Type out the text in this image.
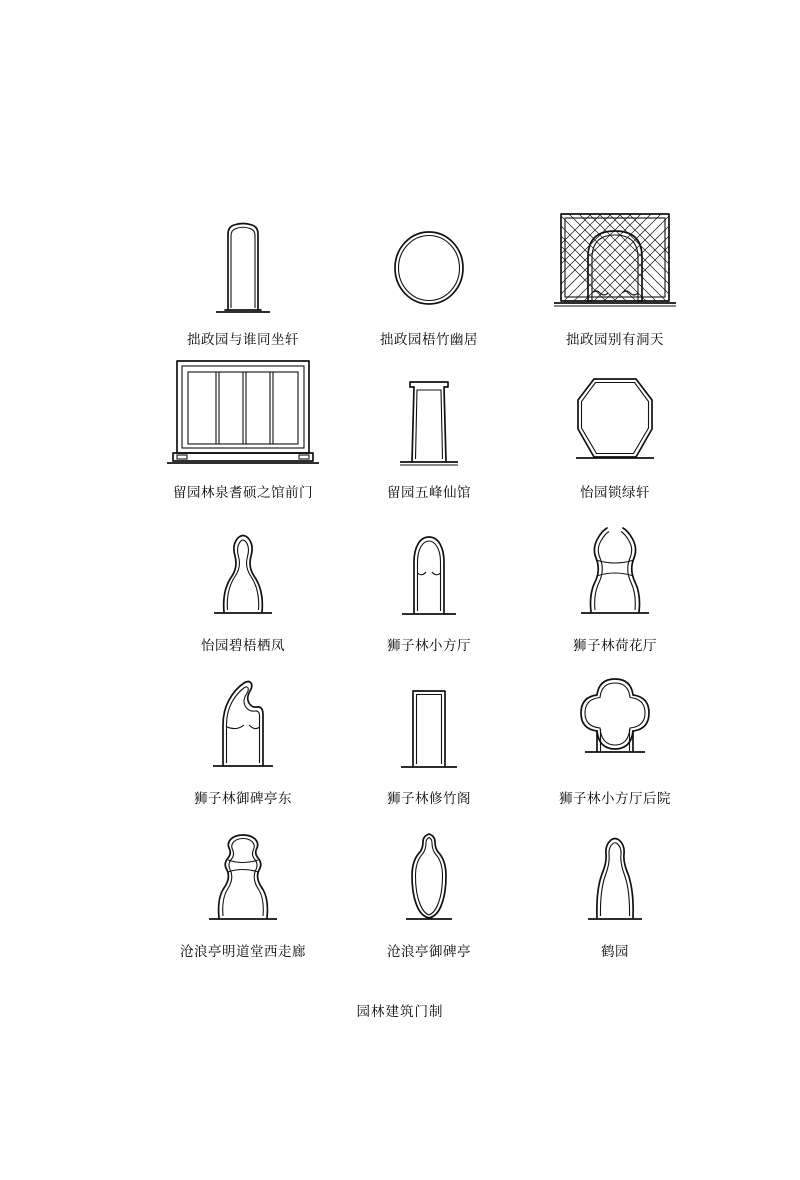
拙政园与谁同坐轩	拙政园梧竹幽居	拙政园别有洞天
留园林泉耆硕之馆前门	留园五峰仙馆	怡园锁绿轩
怡园碧梧栖凤	狮子林小方厅	狮子林荷花厅
狮子林御碑亭东	狮子林修竹阁	狮子林小方厅后院
沧浪亭明道堂西走廊	沧浪亭御碑亭	鹤园
园林建筑门制
